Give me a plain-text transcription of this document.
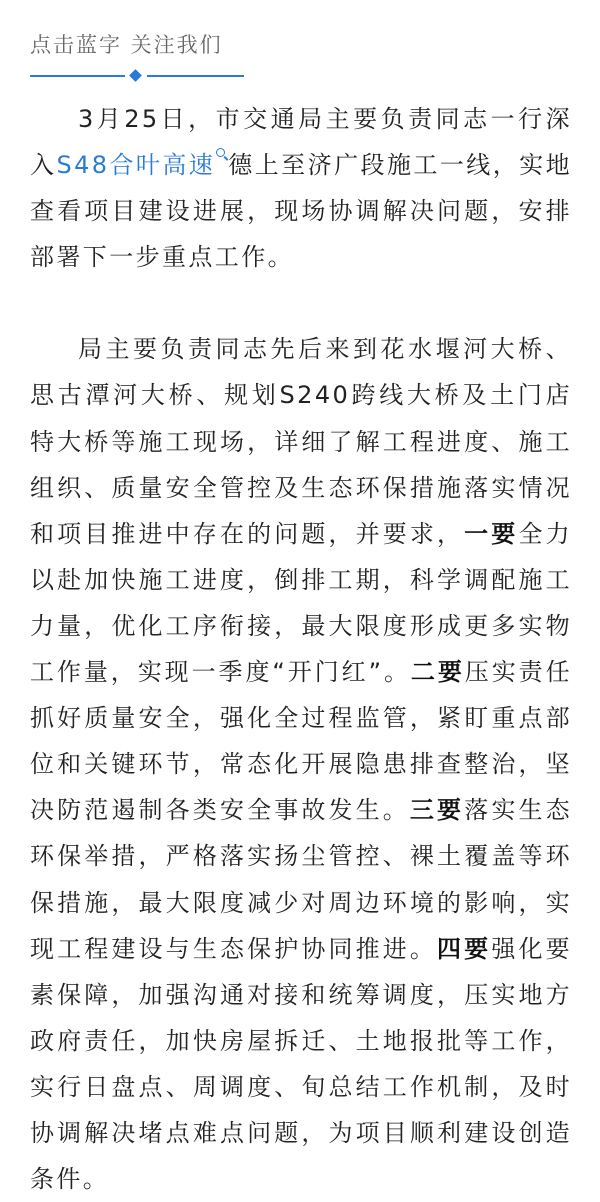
点击蓝字 关注我们

3月25日，市交通局主要负责同志一行深入S48合叶高速 德上至济广段施工一线，实地查看项目建设进展，现场协调解决问题，安排部署下一步重点工作。

局主要负责同志先后来到花水堰河大桥、思古潭河大桥、规划S240跨线大桥及土门店特大桥等施工现场，详细了解工程进度、施工组织、质量安全管控及生态环保措施落实情况和项目推进中存在的问题，并要求，一要全力以赴加快施工进度，倒排工期，科学调配施工力量，优化工序衔接，最大限度形成更多实物工作量，实现一季度“开门红”。二要压实责任抓好质量安全，强化全过程监管，紧盯重点部位和关键环节，常态化开展隐患排查整治，坚决防范遏制各类安全事故发生。三要落实生态环保举措，严格落实扬尘管控、裸土覆盖等环保措施，最大限度减少对周边环境的影响，实现工程建设与生态保护协同推进。四要强化要素保障，加强沟通对接和统筹调度，压实地方政府责任，加快房屋拆迁、土地报批等工作，实行日盘点、周调度、旬总结工作机制，及时协调解决堵点难点问题，为项目顺利建设创造条件。
